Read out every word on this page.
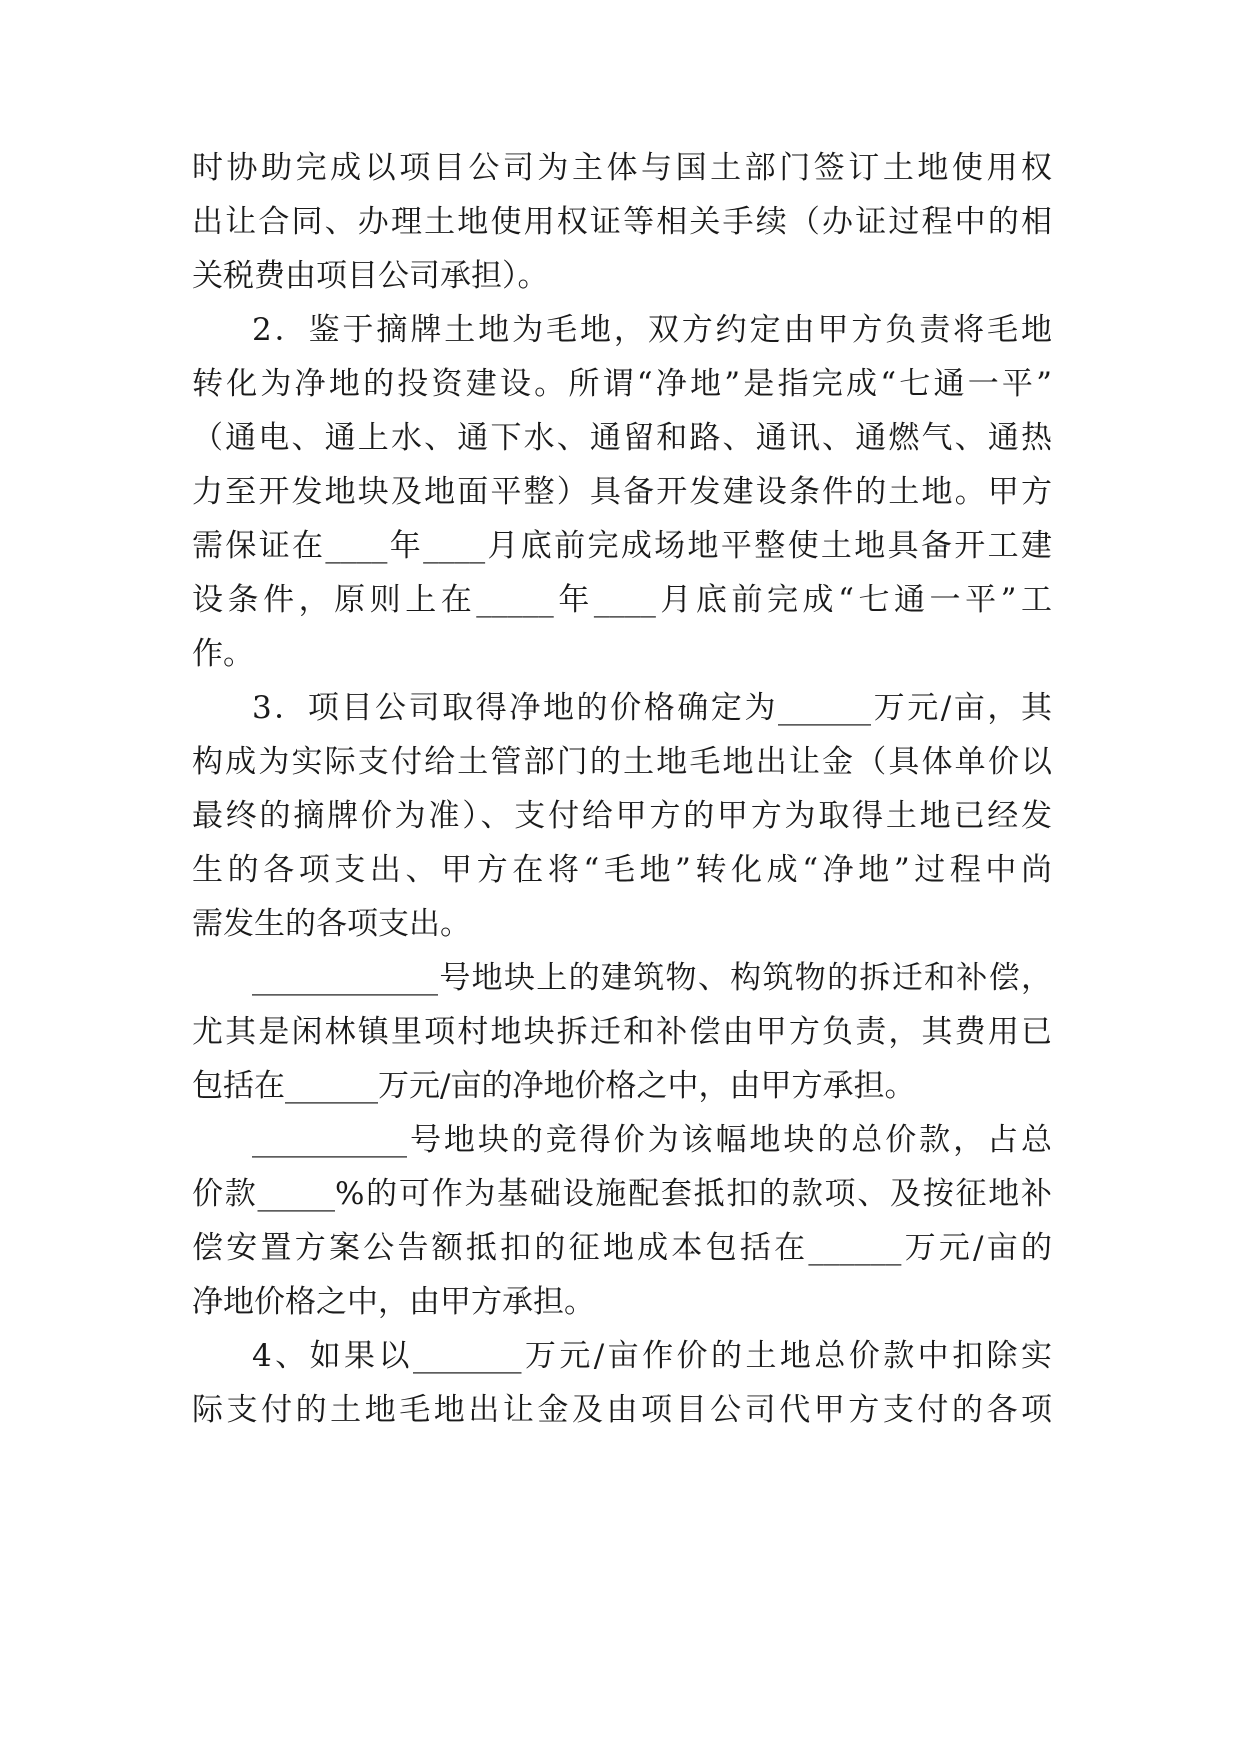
时协助完成以项目公司为主体与国土部门签订土地使用权
出让合同、办理土地使用权证等相关手续（办证过程中的相
关税费由项目公司承担）。
2．鉴于摘牌土地为毛地，双方约定由甲方负责将毛地
转化为净地的投资建设。所谓“净地”是指完成“七通一平”
（通电、通上水、通下水、通留和路、通讯、通燃气、通热
力至开发地块及地面平整）具备开发建设条件的土地。甲方
需保证在____年____月底前完成场地平整使土地具备开工建
设条件，原则上在_____年____月底前完成“七通一平”工
作。
3．项目公司取得净地的价格确定为______万元/亩，其
构成为实际支付给土管部门的土地毛地出让金（具体单价以
最终的摘牌价为准）、支付给甲方的甲方为取得土地已经发
生的各项支出、甲方在将“毛地”转化成“净地”过程中尚
需发生的各项支出。
____________号地块上的建筑物、构筑物的拆迁和补偿，
尤其是闲林镇里项村地块拆迁和补偿由甲方负责，其费用已
包括在______万元/亩的净地价格之中，由甲方承担。
__________号地块的竞得价为该幅地块的总价款，占总
价款_____%的可作为基础设施配套抵扣的款项、及按征地补
偿安置方案公告额抵扣的征地成本包括在______万元/亩的
净地价格之中，由甲方承担。
4、如果以_______万元/亩作价的土地总价款中扣除实
际支付的土地毛地出让金及由项目公司代甲方支付的各项
